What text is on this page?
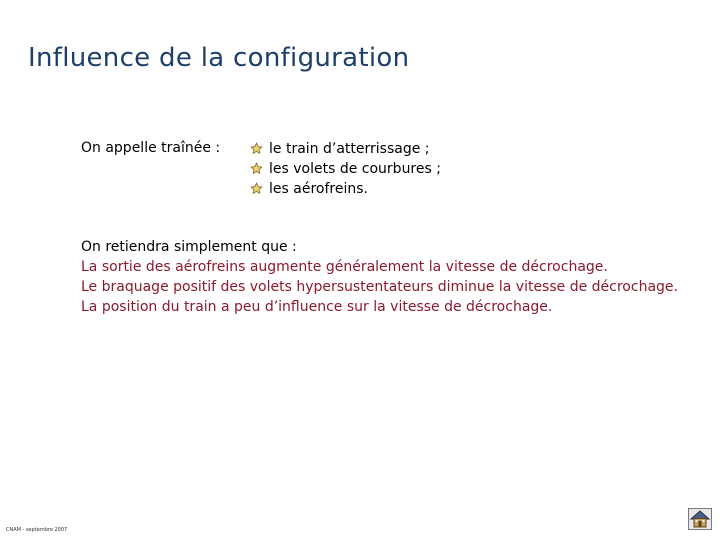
Influence de la configuration
On appelle traînée :	le train d’atterrissage ;
les volets de courbures ;
les aérofreins.
On retiendra simplement que :
La sortie des aérofreins augmente généralement la vitesse de décrochage.
Le braquage positif des volets hypersustentateurs diminue la vitesse de décrochage.
La position du train a peu d’influence sur la vitesse de décrochage.
CNAM - septembre 2007
